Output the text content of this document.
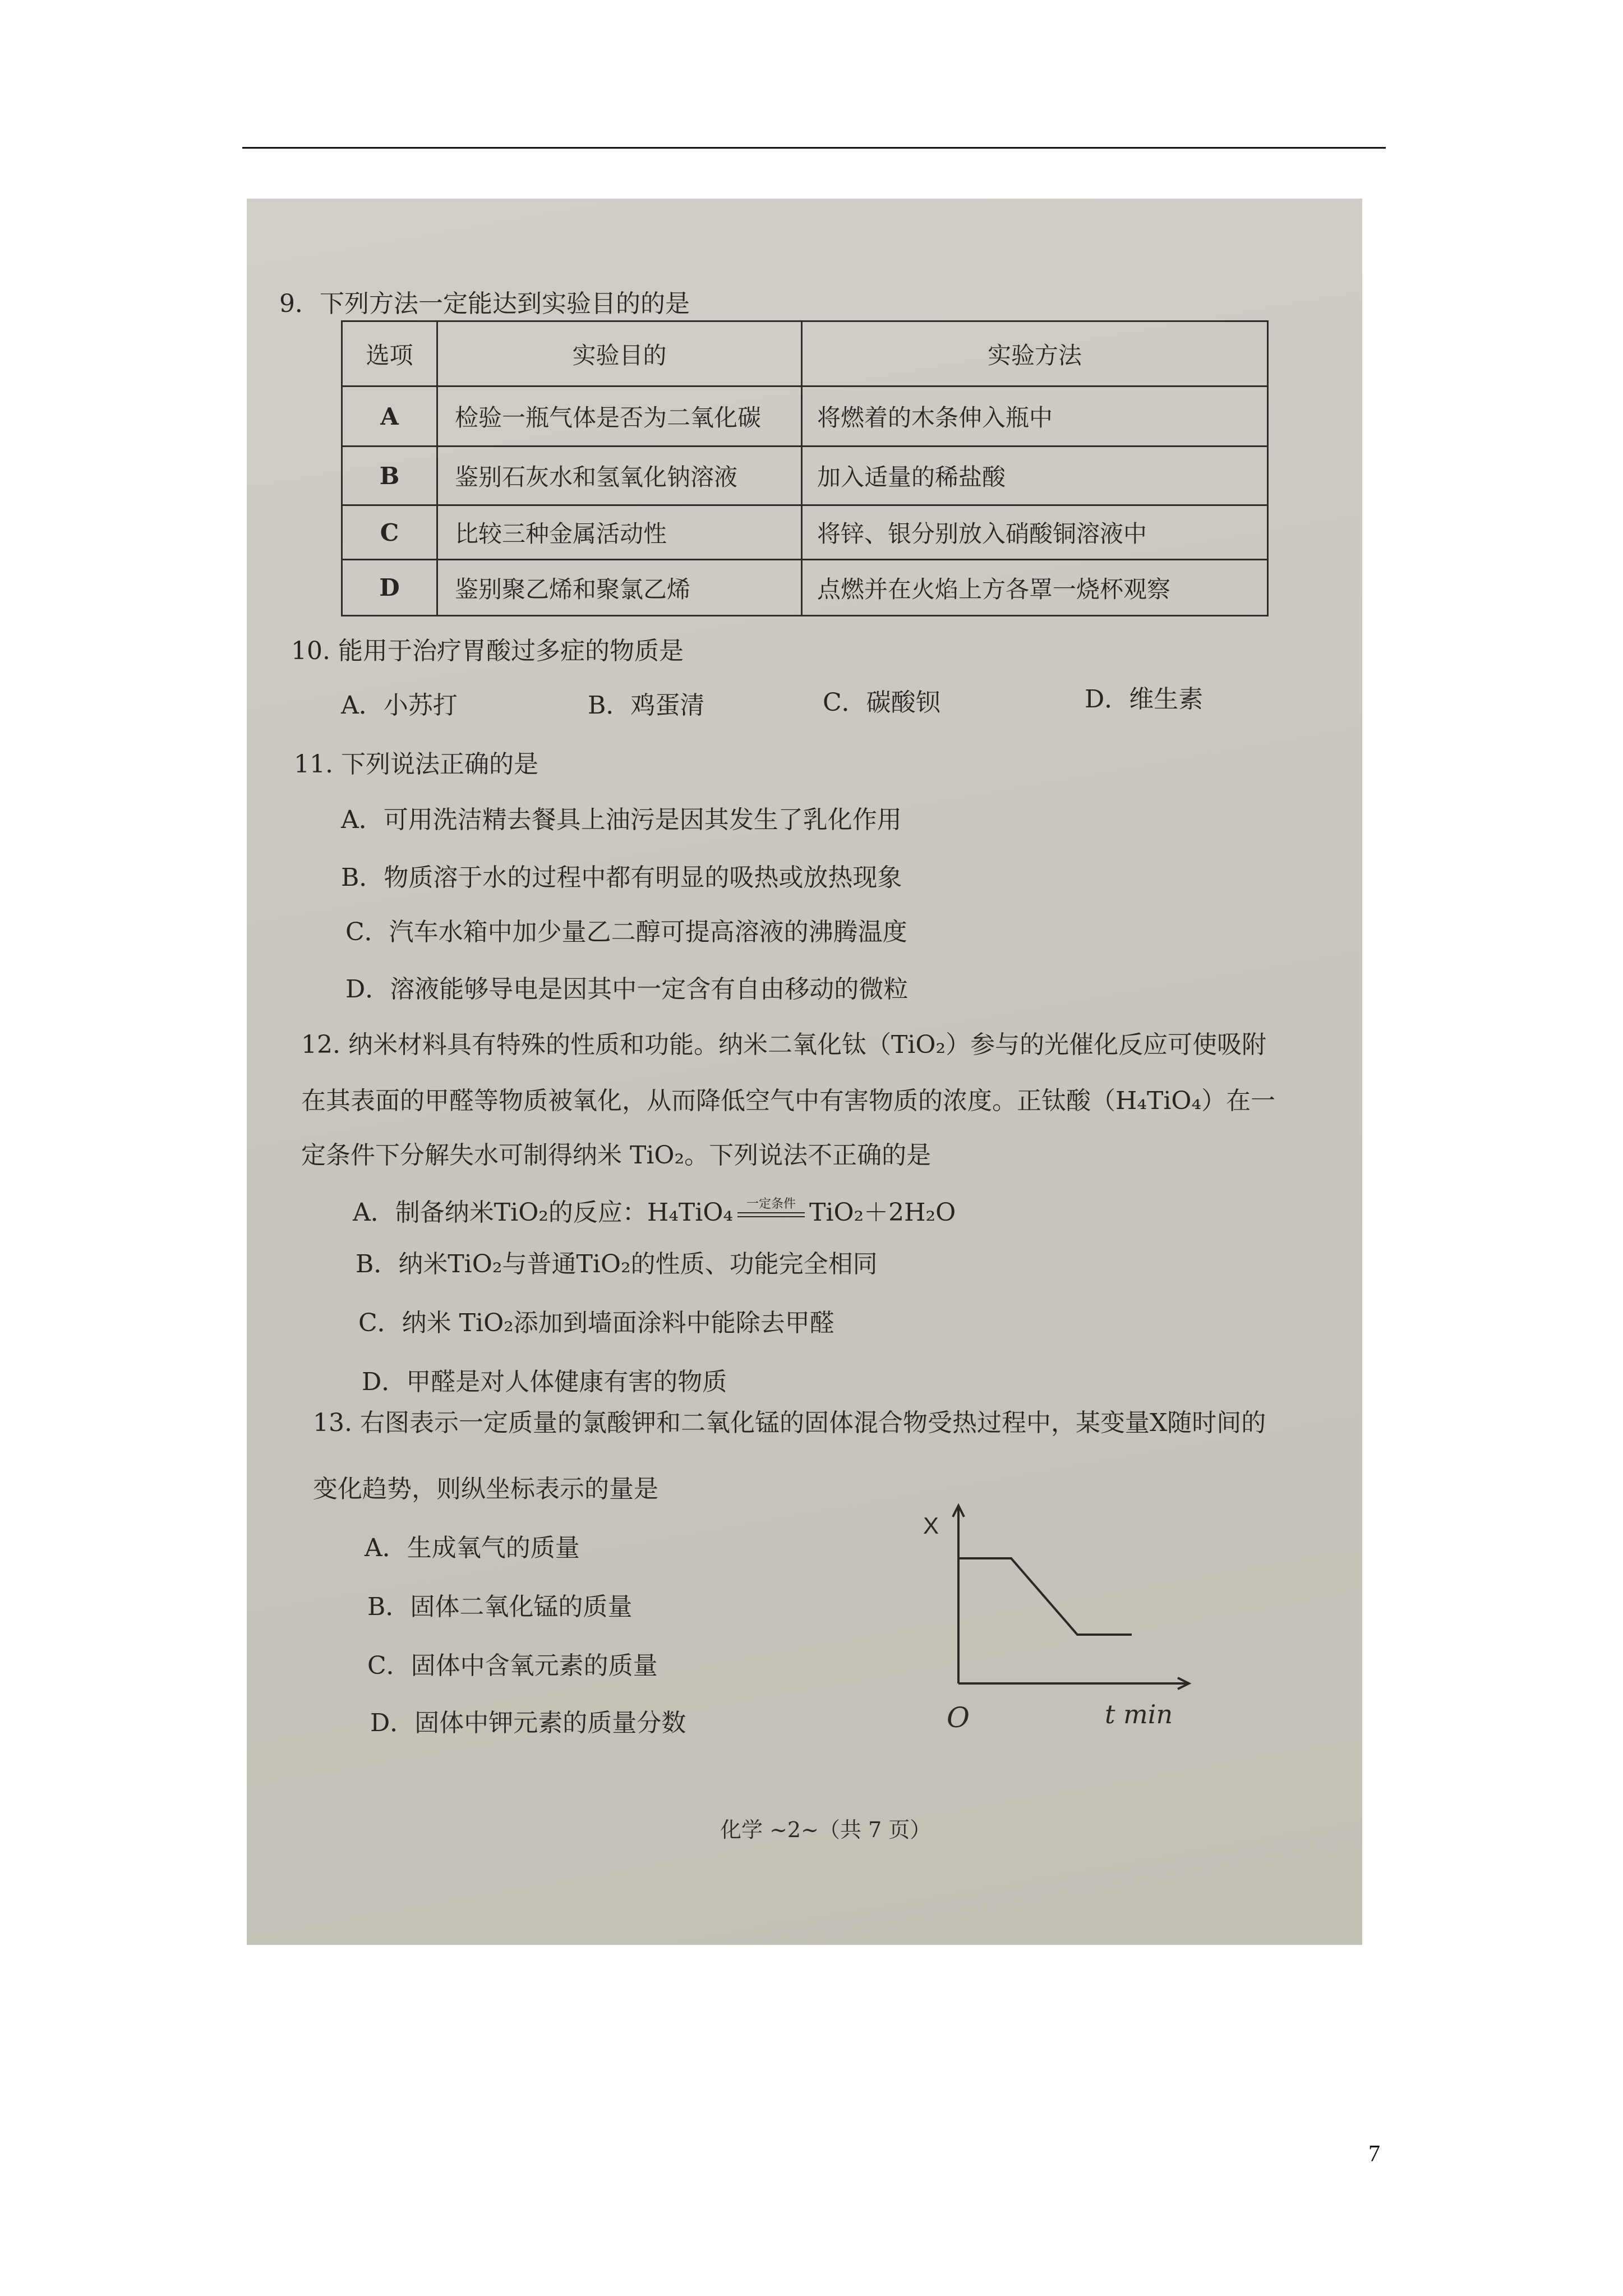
9．下列方法一定能达到实验目的的是
选项	实验目的	实验方法
A	检验一瓶气体是否为二氧化碳	将燃着的木条伸入瓶中
B	鉴别石灰水和氢氧化钠溶液	加入适量的稀盐酸
C	比较三种金属活动性	将锌、银分别放入硝酸铜溶液中
D	鉴别聚乙烯和聚氯乙烯	点燃并在火焰上方各罩一烧杯观察
10. 能用于治疗胃酸过多症的物质是
A．小苏打	B．鸡蛋清	C．碳酸钡	D．维生素
11. 下列说法正确的是
A．可用洗洁精去餐具上油污是因其发生了乳化作用
B．物质溶于水的过程中都有明显的吸热或放热现象
C．汽车水箱中加少量乙二醇可提高溶液的沸腾温度
D．溶液能够导电是因其中一定含有自由移动的微粒
12. 纳米材料具有特殊的性质和功能。纳米二氧化钛（TiO₂）参与的光催化反应可使吸附
在其表面的甲醛等物质被氧化，从而降低空气中有害物质的浓度。正钛酸（H₄TiO₄）在一
定条件下分解失水可制得纳米 TiO₂。下列说法不正确的是
A．制备纳米TiO₂的反应：H₄TiO₄	一定条件 TiO₂＋2H₂O
B．纳米TiO₂与普通TiO₂的性质、功能完全相同
C．纳米 TiO₂添加到墙面涂料中能除去甲醛
D．甲醛是对人体健康有害的物质
13. 右图表示一定质量的氯酸钾和二氧化锰的固体混合物受热过程中，某变量X随时间的
变化趋势，则纵坐标表示的量是
A．生成氧气的质量
B．固体二氧化锰的质量
C．固体中含氧元素的质量
D．固体中钾元素的质量分数
X
O	t min
化学 ~2~（共 7 页）
7
